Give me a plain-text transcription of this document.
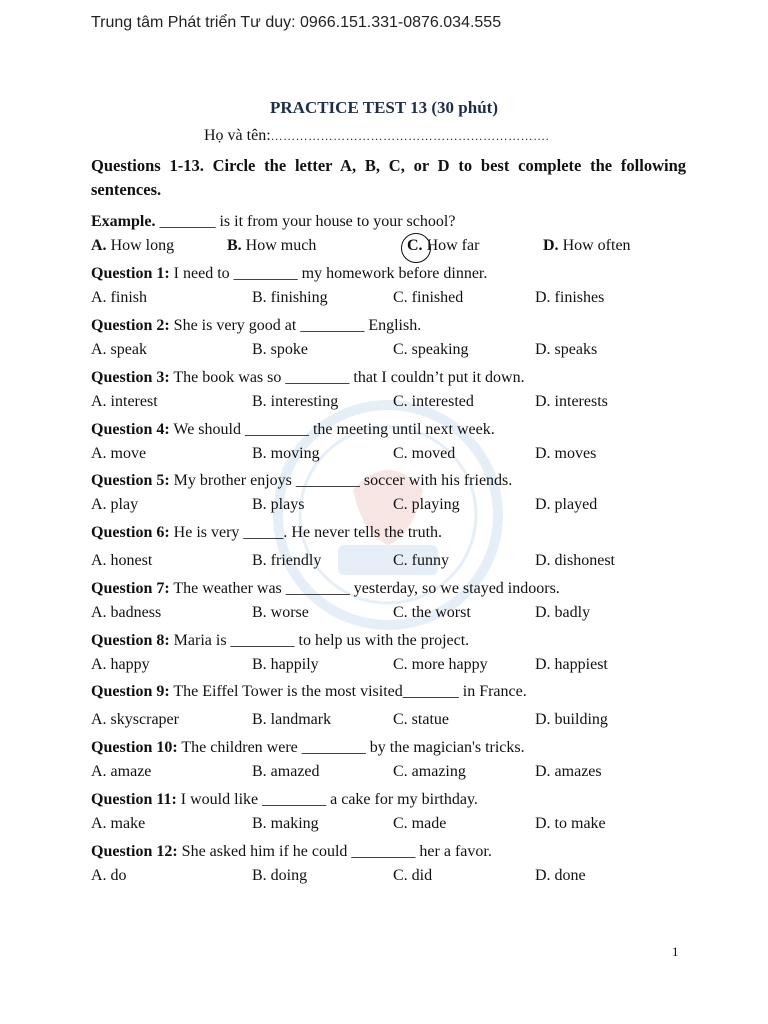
Trung tâm Phát triển Tư duy: 0966.151.331-0876.034.555
PRACTICE TEST 13 (30 phút)
Họ và tên:………………………………………………………….
Questions 1-13. Circle the letter A, B, C, or D to best complete the following sentences.
Example. _______ is it from your house to your school?
A. How long	B. How much	C. How far	D. How often
Question 1: I need to ________ my homework before dinner.
A. finish	B. finishing	C. finished	D. finishes
Question 2: She is very good at ________ English.
A. speak	B. spoke	C. speaking	D. speaks
Question 3: The book was so ________ that I couldn’t put it down.
A. interest	B. interesting	C. interested	D. interests
Question 4: We should ________ the meeting until next week.
A. move	B. moving	C. moved	D. moves
Question 5: My brother enjoys ________ soccer with his friends.
A. play	B. plays	C. playing	D. played
Question 6: He is very _____. He never tells the truth.
A. honest	B. friendly	C. funny	D. dishonest
Question 7: The weather was ________ yesterday, so we stayed indoors.
A. badness	B. worse	C. the worst	D. badly
Question 8: Maria is ________ to help us with the project.
A. happy	B. happily	C. more happy	D. happiest
Question 9: The Eiffel Tower is the most visited_______ in France.
A. skyscraper	B. landmark	C. statue	D. building
Question 10: The children were ________ by the magician's tricks.
A. amaze	B. amazed	C. amazing	D. amazes
Question 11: I would like ________ a cake for my birthday.
A. make	B. making	C. made	D. to make
Question 12: She asked him if he could ________ her a favor.
A. do	B. doing	C. did	D. done
1
